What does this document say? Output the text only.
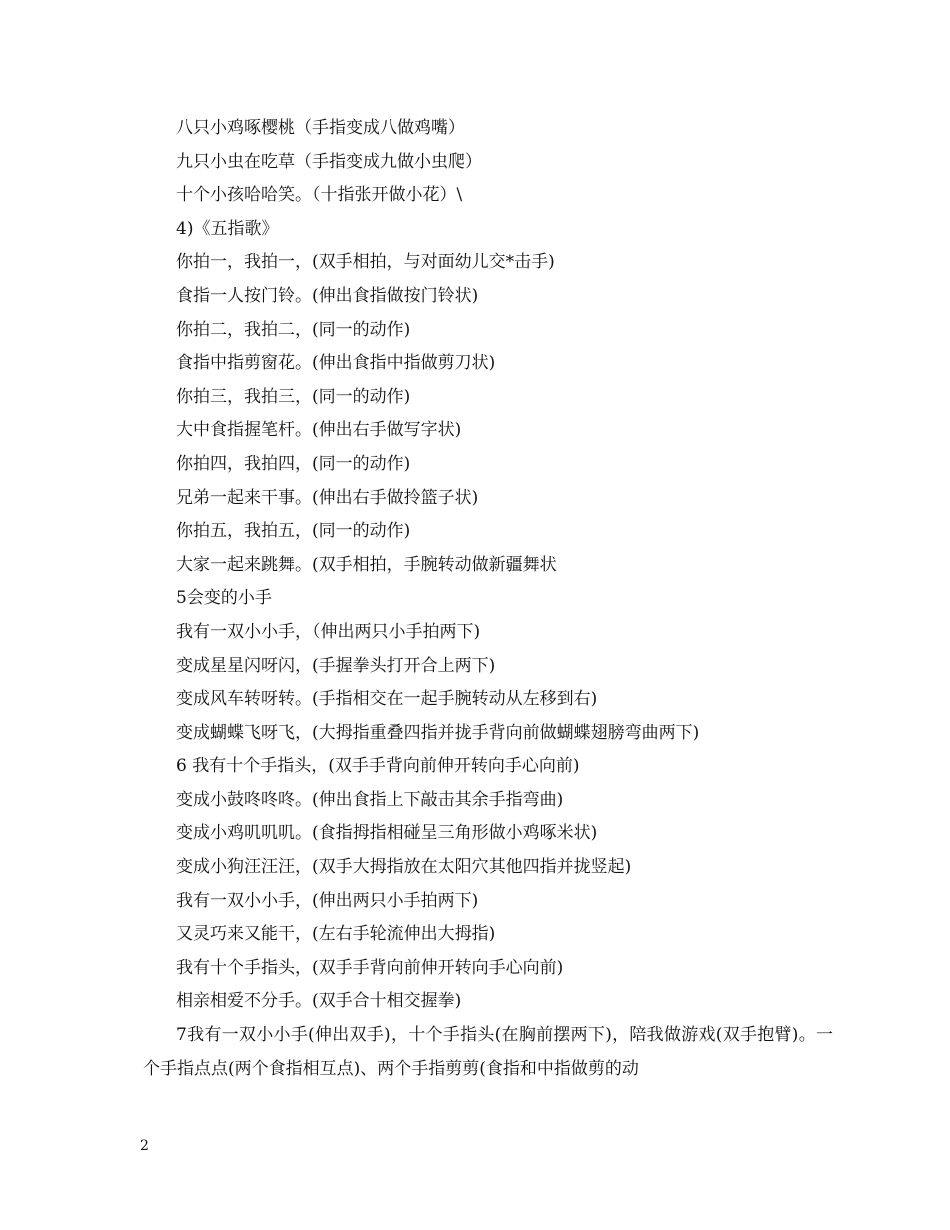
八只小鸡啄樱桃（手指变成八做鸡嘴）
九只小虫在吃草（手指变成九做小虫爬）
十个小孩哈哈笑。（十指张开做小花）\
4)《五指歌》
你拍一，我拍一，(双手相拍，与对面幼儿交*击手)
食指一人按门铃。(伸出食指做按门铃状)
你拍二，我拍二，(同一的动作)
食指中指剪窗花。(伸出食指中指做剪刀状)
你拍三，我拍三，(同一的动作)
大中食指握笔杆。(伸出右手做写字状)
你拍四，我拍四，(同一的动作)
兄弟一起来干事。(伸出右手做拎篮子状)
你拍五，我拍五，(同一的动作)
大家一起来跳舞。(双手相拍，手腕转动做新疆舞状
5会变的小手
我有一双小小手，（伸出两只小手拍两下)
变成星星闪呀闪，(手握拳头打开合上两下)
变成风车转呀转。(手指相交在一起手腕转动从左移到右)
变成蝴蝶飞呀飞，(大拇指重叠四指并拢手背向前做蝴蝶翅膀弯曲两下)
6 我有十个手指头，(双手手背向前伸开转向手心向前)
变成小鼓咚咚咚。(伸出食指上下敲击其余手指弯曲)
变成小鸡叽叽叽。(食指拇指相碰呈三角形做小鸡啄米状)
变成小狗汪汪汪，(双手大拇指放在太阳穴其他四指并拢竖起)
我有一双小小手，(伸出两只小手拍两下)
又灵巧来又能干，(左右手轮流伸出大拇指)
我有十个手指头，(双手手背向前伸开转向手心向前)
相亲相爱不分手。(双手合十相交握拳)
7我有一双小小手(伸出双手)，十个手指头(在胸前摆两下)，陪我做游戏(双手抱臂)。一个手指点点(两个食指相互点)、两个手指剪剪(食指和中指做剪的动
2
